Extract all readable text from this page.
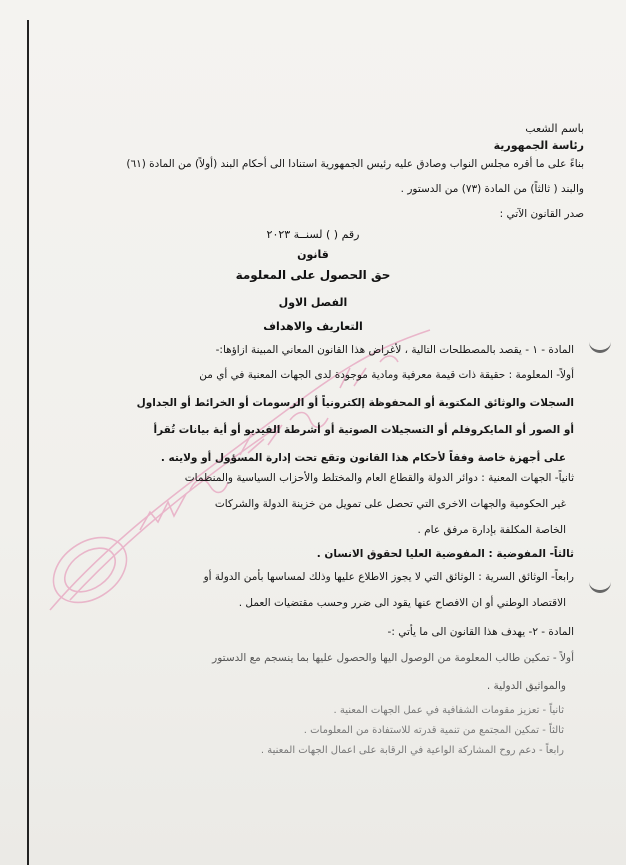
باسم الشعب
رئاسة الجمهورية
بناءً على ما أقره مجلس النواب وصادق عليه رئيس الجمهورية استنادا الى أحكام البند (أولاً) من المادة (٦١)
والبند ( ثالثاً) من المادة (٧٣) من الدستور .
صدر القانون الآتي :
رقم ( ) لسنــة ٢٠٢٣
قانون
حق الحصول على المعلومة
الفصل الاول
التعاريف والاهداف
المادة - ١ - يقصد بالمصطلحات التالية ، لأغراض هذا القانون المعاني المبينة ازاؤها:-
أولاً- المعلومة : حقيقة ذات قيمة معرفية ومادية موجودة لدى الجهات المعنية في أي من
السجلات والوثائق المكتوبة أو المحفوظة إلكترونياً أو الرسومات أو الخرائط أو الجداول
أو الصور أو المايكروفلم أو التسجيلات الصوتية أو أشرطة الفيديو أو أية بيانات تُقرأ
على أجهزة خاصة وفقاً لأحكام هذا القانون وتقع تحت إدارة المسؤول أو ولايته .
ثانياً- الجهات المعنية : دوائر الدولة والقطاع العام والمختلط والأحزاب السياسية والمنظمات
غير الحكومية والجهات الاخرى التي تحصل على تمويل من خزينة الدولة والشركات
الخاصة المكلفة بإدارة مرفق عام .
ثالثاً- المفوضية : المفوضية العليا لحقوق الانسان .
رابعاً- الوثائق السرية : الوثائق التي لا يجوز الاطلاع عليها وذلك لمساسها بأمن الدولة أو
الاقتصاد الوطني أو ان الافصاح عنها يقود الى ضرر وحسب مقتضيات العمل .
المادة - ٢- يهدف هذا القانون الى ما يأتي :-
أولاً - تمكين طالب المعلومة من الوصول اليها والحصول عليها بما ينسجم مع الدستور
والمواثيق الدولية .
ثانياً - تعزيز مقومات الشفافية في عمل الجهات المعنية .
ثالثاً - تمكين المجتمع من تنمية قدرته للاستفادة من المعلومات .
رابعاً - دعم روح المشاركة الواعية في الرقابة على اعمال الجهات المعنية .
